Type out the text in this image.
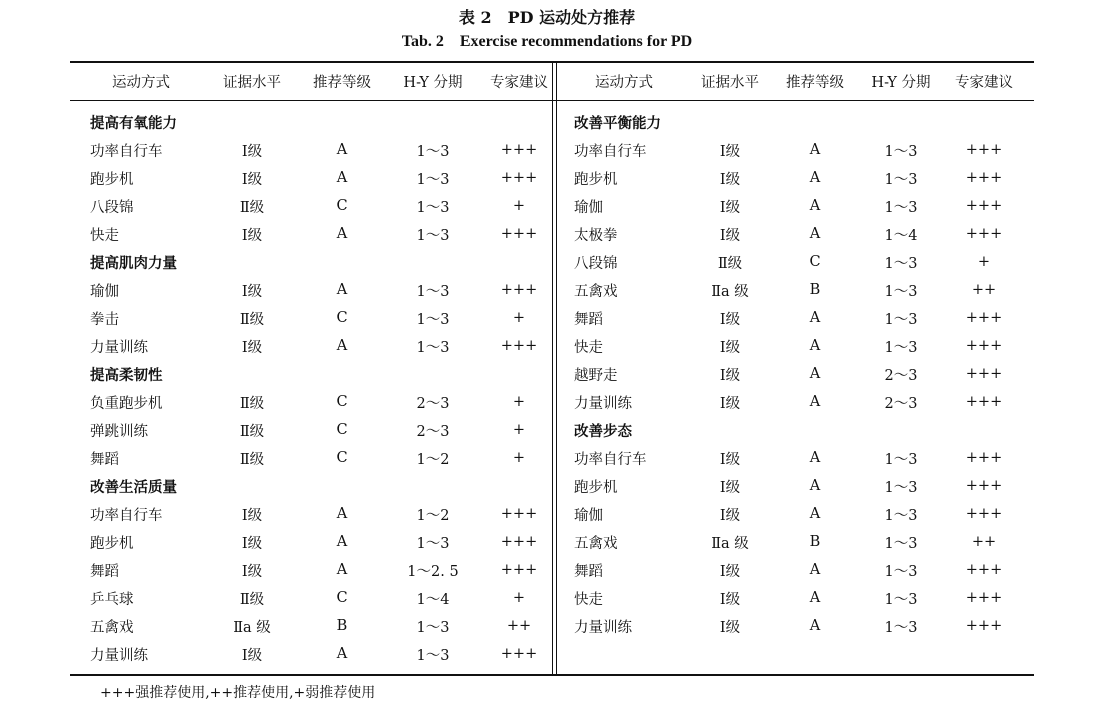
表 2　PD 运动处方推荐
Tab. 2　Exercise recommendations for PD
运动方式	证据水平	推荐等级	H-Y 分期	专家建议
提高有氧能力
功率自行车	Ⅰ级	A	1～3	+++
跑步机	Ⅰ级	A	1～3	+++
八段锦	Ⅱ级	C	1～3	+
快走	Ⅰ级	A	1～3	+++
提高肌肉力量
瑜伽	Ⅰ级	A	1～3	+++
拳击	Ⅱ级	C	1～3	+
力量训练	Ⅰ级	A	1～3	+++
提高柔韧性
负重跑步机	Ⅱ级	C	2～3	+
弹跳训练	Ⅱ级	C	2～3	+
舞蹈	Ⅱ级	C	1～2	+
改善生活质量
功率自行车	Ⅰ级	A	1～2	+++
跑步机	Ⅰ级	A	1～3	+++
舞蹈	Ⅰ级	A	1～2. 5	+++
乒乓球	Ⅱ级	C	1～4	+
五禽戏	Ⅱa 级	B	1～3	++
力量训练	Ⅰ级	A	1～3	+++
运动方式	证据水平	推荐等级	H-Y 分期	专家建议
改善平衡能力
功率自行车	Ⅰ级	A	1～3	+++
跑步机	Ⅰ级	A	1～3	+++
瑜伽	Ⅰ级	A	1～3	+++
太极拳	Ⅰ级	A	1～4	+++
八段锦	Ⅱ级	C	1～3	+
五禽戏	Ⅱa 级	B	1～3	++
舞蹈	Ⅰ级	A	1～3	+++
快走	Ⅰ级	A	1～3	+++
越野走	Ⅰ级	A	2～3	+++
力量训练	Ⅰ级	A	2～3	+++
改善步态
功率自行车	Ⅰ级	A	1～3	+++
跑步机	Ⅰ级	A	1～3	+++
瑜伽	Ⅰ级	A	1～3	+++
五禽戏	Ⅱa 级	B	1～3	++
舞蹈	Ⅰ级	A	1～3	+++
快走	Ⅰ级	A	1～3	+++
力量训练	Ⅰ级	A	1～3	+++
+++强推荐使用,++推荐使用,+弱推荐使用
